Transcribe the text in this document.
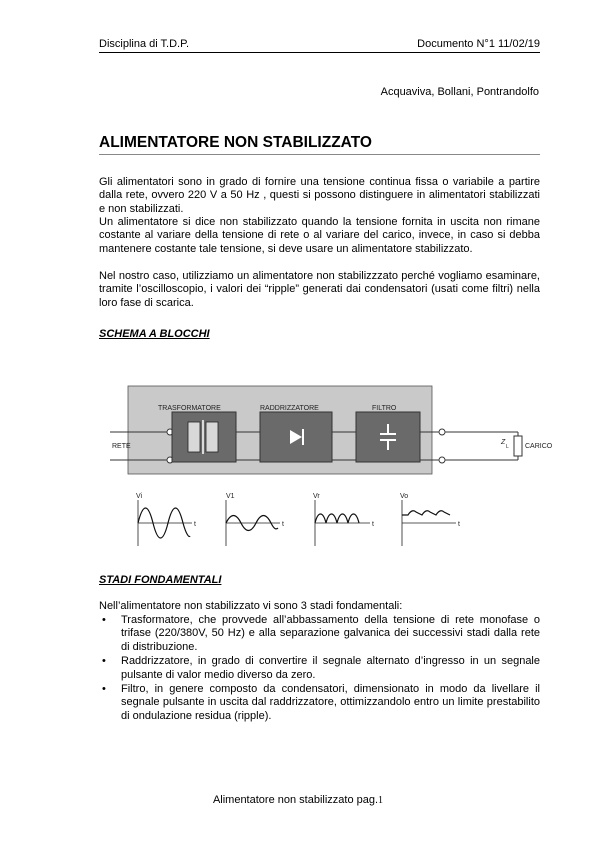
Disciplina di T.D.P.	Documento N°1 11/02/19
Acquaviva, Bollani, Pontrandolfo
ALIMENTATORE NON STABILIZZATO

Gli alimentatori sono in grado di fornire una tensione continua fissa o variabile a partire dalla rete, ovvero 220 V a 50 Hz , questi si possono distinguere in alimentatori stabilizzati e non stabilizzati.

Un alimentatore si dice non stabilizzato quando la tensione fornita in uscita non rimane costante al variare della tensione di rete o al variare del carico, invece, in caso si debba mantenere costante tale tensione, si deve usare un alimentatore stabilizzato.

Nel nostro caso, utilizziamo un alimentatore non stabilizzzato perché vogliamo esaminare, tramite l’oscilloscopio, i valori dei “ripple” generati dai condensatori (usati come filtri) nella loro fase di scarica.

SCHEMA A BLOCCHI
TRASFORMATORE	RADDRIZZATORE	FILTRO
RETE	CARICO
Z
L
Vi	V1	Vr	Vo
t	t	t	t
STADI FONDAMENTALI

Nell’alimentatore non stabilizzato vi sono 3 stadi fondamentali:

• Trasformatore, che provvede all’abbassamento della tensione di rete monofase o trifase (220/380V, 50 Hz) e alla separazione galvanica dei successivi stadi dalla rete di distribuzione.
• Raddrizzatore, in grado di convertire il segnale alternato d’ingresso in un segnale pulsante di valor medio diverso da zero.
• Filtro, in genere composto da condensatori, dimensionato in modo da livellare il segnale pulsante in uscita dal raddrizzatore, ottimizzandolo entro un limite prestabilito di ondulazione residua (ripple).
Alimentatore non stabilizzato pag.1
